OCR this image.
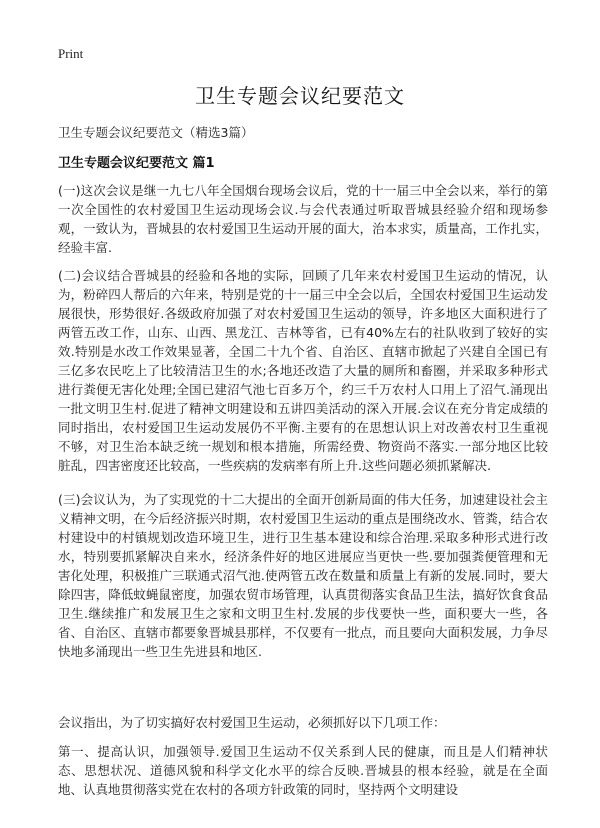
Print
卫生专题会议纪要范文
卫生专题会议纪要范文（精选3篇）
卫生专题会议纪要范文 篇1

(一)这次会议是继一九七八年全国烟台现场会议后，党的十一届三中全会以来，举行的第一次全国性的农村爱国卫生运动现场会议.与会代表通过听取晋城县经验介绍和现场参观，一致认为，晋城县的农村爱国卫生运动开展的面大，治本求实，质量高，工作扎实，经验丰富.

(二)会议结合晋城县的经验和各地的实际，回顾了几年来农村爱国卫生运动的情况，认为，粉碎四人帮后的六年来，特别是党的十一届三中全会以后，全国农村爱国卫生运动发展很快，形势很好.各级政府加强了对农村爱国卫生运动的领导，许多地区大面积进行了两管五改工作，山东、山西、黑龙江、吉林等省，已有40%左右的社队收到了较好的实效.特别是水改工作效果显著，全国二十九个省、自治区、直辖市掀起了兴建自全国已有三亿多农民吃上了比较清洁卫生的水;各地还改造了大量的厕所和畜圈，并采取多种形式进行粪便无害化处理;全国已建沼气池七百多万个，约三千万农村人口用上了沼气.涌现出一批文明卫生村.促进了精神文明建设和五讲四美活动的深入开展.会议在充分肯定成绩的同时指出，农村爱国卫生运动发展仍不平衡.主要有的在思想认识上对改善农村卫生重视不够，对卫生治本缺乏统一规划和根本措施，所需经费、物资尚不落实.一部分地区比较脏乱，四害密度还比较高，一些疾病的发病率有所上升.这些问题必须抓紧解决.

(三)会议认为，为了实现党的十二大提出的全面开创新局面的伟大任务，加速建设社会主义精神文明，在今后经济振兴时期，农村爱国卫生运动的重点是围绕改水、管粪，结合农村建设中的村镇规划改造环境卫生，进行卫生基本建设和综合治理.采取多种形式进行改水，特别要抓紧解决自来水，经济条件好的地区进展应当更快一些.要加强粪便管理和无害化处理，积极推广三联通式沼气池.使两管五改在数量和质量上有新的发展.同时，要大除四害，降低蚊蝇鼠密度，加强农贸市场管理，认真贯彻落实食品卫生法，搞好饮食食品卫生.继续推广和发展卫生之家和文明卫生村.发展的步伐要快一些，面积要大一些，各省、自治区、直辖市都要象晋城县那样，不仅要有一批点，而且要向大面积发展，力争尽快地多涌现出一些卫生先进县和地区.

会议指出，为了切实搞好农村爱国卫生运动，必须抓好以下几项工作：

第一、提高认识，加强领导.爱国卫生运动不仅关系到人民的健康，而且是人们精神状态、思想状况、道德风貌和科学文化水平的综合反映.晋城县的根本经验，就是在全面地、认真地贯彻落实党在农村的各项方针政策的同时，坚持两个文明建设
